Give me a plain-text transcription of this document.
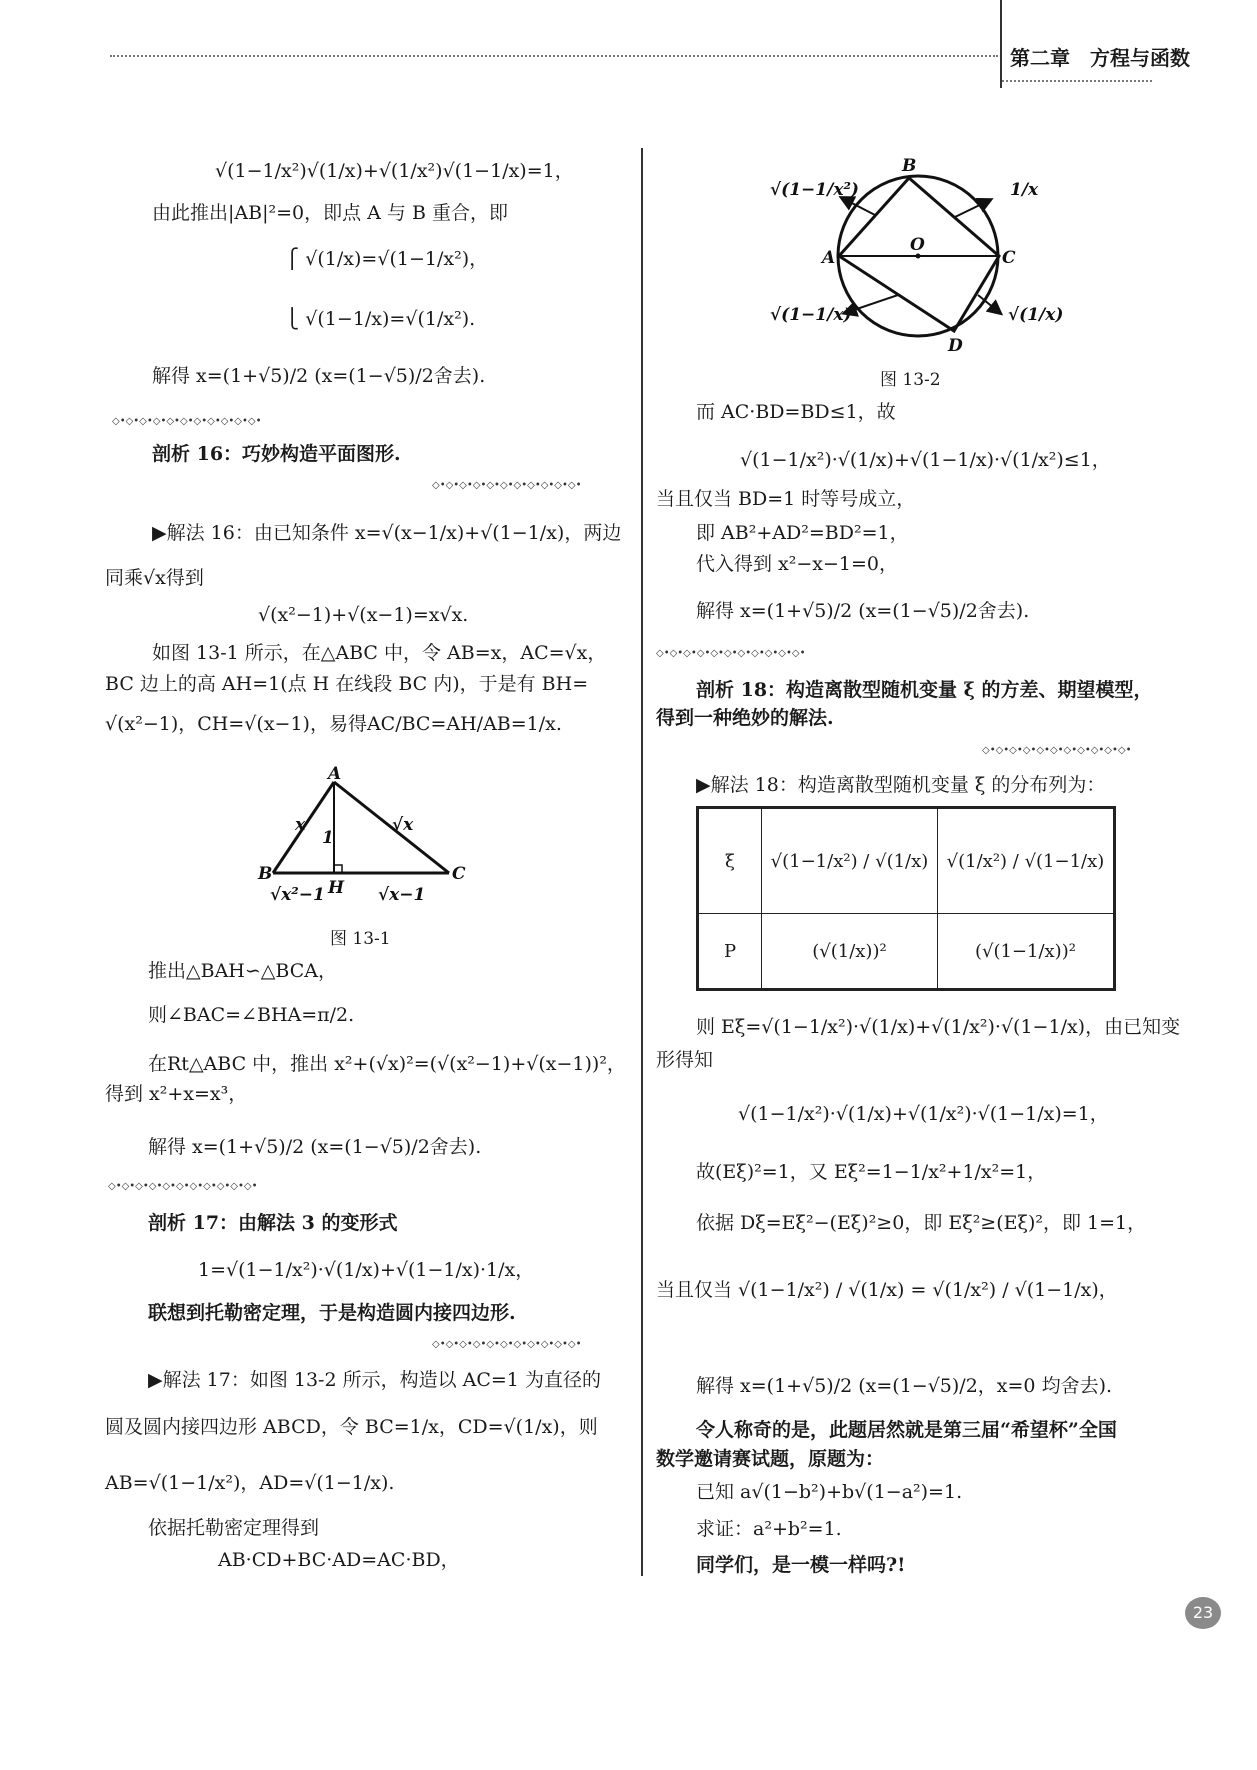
第二章　方程与函数
√(1−1/x²)√(1/x)+√(1/x²)√(1−1/x)=1，
由此推出|AB|²=0，即点 A 与 B 重合，即
⎧ √(1/x)=√(1−1/x²)，
⎩ √(1−1/x)=√(1/x²).
解得 x=(1+√5)/2 (x=(1−√5)/2舍去).
◇•◇•◇•◇•◇•◇•◇•◇•◇•◇•◇•
剖析 16：巧妙构造平面图形.
◇•◇•◇•◇•◇•◇•◇•◇•◇•◇•◇•
▶解法 16：由已知条件 x=√(x−1/x)+√(1−1/x)，两边
同乘√x得到
√(x²−1)+√(x−1)=x√x.
如图 13-1 所示，在△ABC 中，令 AB=x，AC=√x，
BC 边上的高 AH=1(点 H 在线段 BC 内)，于是有 BH=
√(x²−1)，CH=√(x−1)，易得AC/BC=AH/AB=1/x.
A
B	C
H
x
1
√x
√x²−1	√x−1
图 13-1
推出△BAH∽△BCA，
则∠BAC=∠BHA=π/2.
在Rt△ABC 中，推出 x²+(√x)²=(√(x²−1)+√(x−1))²，
得到 x²+x=x³，
解得 x=(1+√5)/2 (x=(1−√5)/2舍去).
◇•◇•◇•◇•◇•◇•◇•◇•◇•◇•◇•
剖析 17：由解法 3 的变形式
1=√(1−1/x²)·√(1/x)+√(1−1/x)·1/x，
联想到托勒密定理，于是构造圆内接四边形.
◇•◇•◇•◇•◇•◇•◇•◇•◇•◇•◇•
▶解法 17：如图 13-2 所示，构造以 AC=1 为直径的
圆及圆内接四边形 ABCD，令 BC=1/x，CD=√(1/x)，则
AB=√(1−1/x²)，AD=√(1−1/x).
依据托勒密定理得到
AB·CD+BC·AD=AC·BD，
B
A	C
D
O
√(1−1/x²)	1/x
√(1−1/x)	√(1/x)
图 13-2
而 AC·BD=BD≤1，故
√(1−1/x²)·√(1/x)+√(1−1/x)·√(1/x²)≤1，
当且仅当 BD=1 时等号成立，
即 AB²+AD²=BD²=1，
代入得到 x²−x−1=0，
解得 x=(1+√5)/2 (x=(1−√5)/2舍去).
◇•◇•◇•◇•◇•◇•◇•◇•◇•◇•◇•
剖析 18：构造离散型随机变量 ξ 的方差、期望模型，
得到一种绝妙的解法.
◇•◇•◇•◇•◇•◇•◇•◇•◇•◇•◇•
▶解法 18：构造离散型随机变量 ξ 的分布列为：
ξ	√(1−1/x²) / √(1/x)	√(1/x²) / √(1−1/x)
P	(√(1/x))²	(√(1−1/x))²
则 Eξ=√(1−1/x²)·√(1/x)+√(1/x²)·√(1−1/x)，由已知变
形得知
√(1−1/x²)·√(1/x)+√(1/x²)·√(1−1/x)=1，
故(Eξ)²=1，又 Eξ²=1−1/x²+1/x²=1，
依据 Dξ=Eξ²−(Eξ)²≥0，即 Eξ²≥(Eξ)²，即 1=1，
当且仅当 √(1−1/x²) / √(1/x) = √(1/x²) / √(1−1/x)，
解得 x=(1+√5)/2 (x=(1−√5)/2，x=0 均舍去).
令人称奇的是，此题居然就是第三届“希望杯”全国
数学邀请赛试题，原题为：
已知 a√(1−b²)+b√(1−a²)=1.
求证：a²+b²=1.
同学们，是一模一样吗?!
23
